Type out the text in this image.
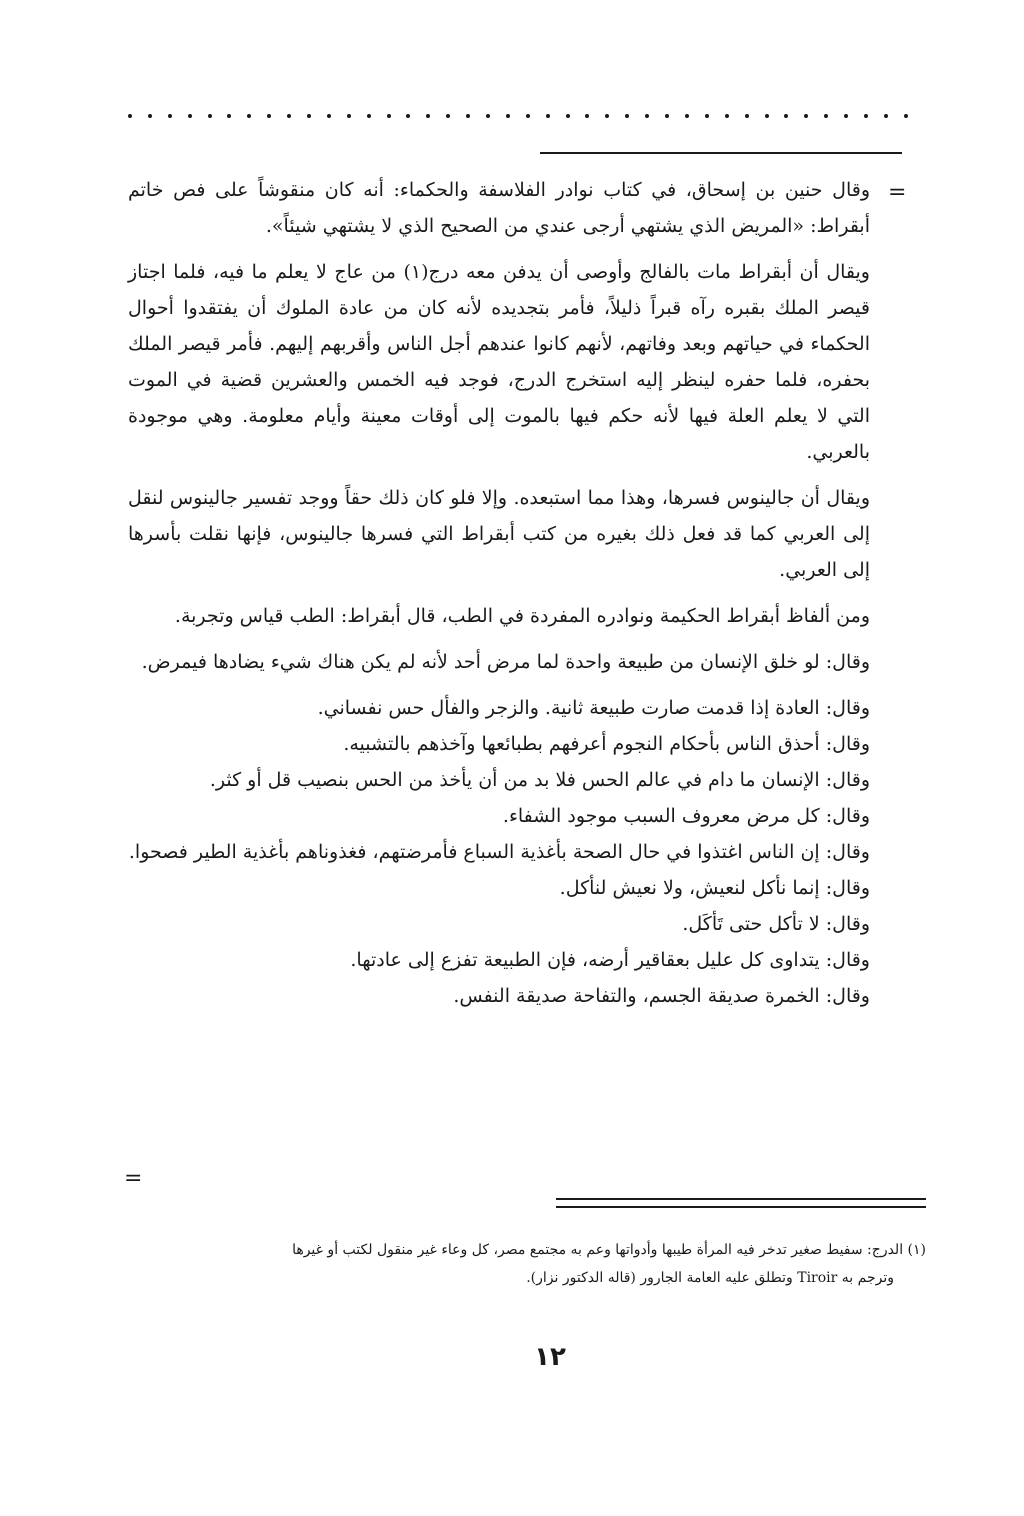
=

وقال حنين بن إسحاق، في كتاب نوادر الفلاسفة والحكماء: أنه كان منقوشاً على فص خاتم أبقراط: «المريض الذي يشتهي أرجى عندي من الصحيح الذي لا يشتهي شيئاً».

ويقال أن أبقراط مات بالفالج وأوصى أن يدفن معه درج(١) من عاج لا يعلم ما فيه، فلما اجتاز قيصر الملك بقبره رآه قبراً ذليلاً، فأمر بتجديده لأنه كان من عادة الملوك أن يفتقدوا أحوال الحكماء في حياتهم وبعد وفاتهم، لأنهم كانوا عندهم أجل الناس وأقربهم إليهم. فأمر قيصر الملك بحفره، فلما حفره لينظر إليه استخرج الدرج، فوجد فيه الخمس والعشرين قضية في الموت التي لا يعلم العلة فيها لأنه حكم فيها بالموت إلى أوقات معينة وأيام معلومة. وهي موجودة بالعربي.

ويقال أن جالينوس فسرها، وهذا مما استبعده. وإلا فلو كان ذلك حقاً ووجد تفسير جالينوس لنقل إلى العربي كما قد فعل ذلك بغيره من كتب أبقراط التي فسرها جالينوس، فإنها نقلت بأسرها إلى العربي.

ومن ألفاظ أبقراط الحكيمة ونوادره المفردة في الطب، قال أبقراط: الطب قياس وتجربة.

وقال: لو خلق الإنسان من طبيعة واحدة لما مرض أحد لأنه لم يكن هناك شيء يضادها فيمرض.

وقال: العادة إذا قدمت صارت طبيعة ثانية. والزجر والفأل حس نفساني.
وقال: أحذق الناس بأحكام النجوم أعرفهم بطبائعها وآخذهم بالتشبيه.
وقال: الإنسان ما دام في عالم الحس فلا بد من أن يأخذ من الحس بنصيب قل أو كثر.
وقال: كل مرض معروف السبب موجود الشفاء.
وقال: إن الناس اغتذوا في حال الصحة بأغذية السباع فأمرضتهم، فغذوناهم بأغذية الطير فصحوا.
وقال: إنما نأكل لنعيش، ولا نعيش لنأكل.
وقال: لا تأكل حتى تَأكَل.
وقال: يتداوى كل عليل بعقاقير أرضه، فإن الطبيعة تفزع إلى عادتها.
وقال: الخمرة صديقة الجسم، والتفاحة صديقة النفس.
=
(١) الدرج: سفيط صغير تدخر فيه المرأة طيبها وأدواتها وعم به مجتمع مصر، كل وعاء غير منقول لكتب أو غيرها
وترجم به Tiroir وتطلق عليه العامة الجارور (قاله الدكتور نزار).
١٢
